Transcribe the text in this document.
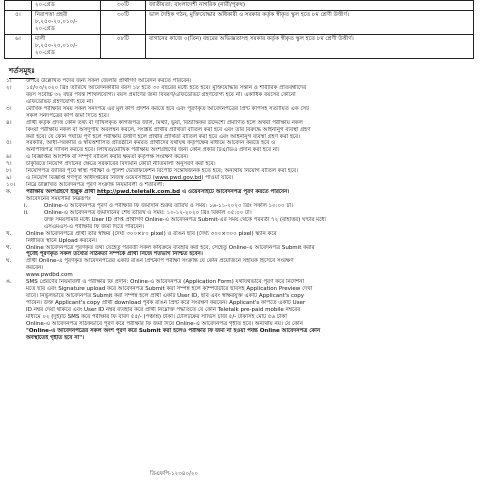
	২০-গ্রেড	৩০টি	জাতীয়তা: বাংলাদেশী নাগরিক (নারী/পুরুষ)
৫।	নিরাপত্তা প্রহরী
৮,২৫০-২০,০১০/-
২০-গ্রেড	৩০টি	ভাল দৈহিক গঠন, মুক্তিযোদ্ধার অধিকারী ও সরকার কর্তৃক স্বীকৃত স্কুল হতে ৮ম শ্রেণী উত্তীর্ণ।
৬।	মালী
৮,২৫০-২০,০১০/-
২০-গ্রেড	০৮টি	বাগানের কাজে ০(তিন) বছরের অভিজ্ঞতাসহ সরকার কর্তৃক স্বীকৃত স্কুল হতে ৮ম শ্রেণী উত্তীর্ণ।
শর্তসমূহঃ
১।	উপরে উল্লেখিত পদের জন্য সকল জেলার প্রার্থীগণ আবেদন করতে পারবেন।
২।	১৫/০৩/২০২০ খ্রিঃ তারিখে আবেদনকারীর বয়স ১৮ হতে ৩০ বছরের মধ্যে হতে হবে। মুক্তিযোদ্ধার সন্তান ও শারীরিক প্রতিবন্ধীদের
বয়স সর্বোচ্চ ৩২ বছর পর্যন্ত শিথিলযোগ্য। বয়স প্রমাণের জন্য বিবরণ/এফিডেভিট গ্রহণযোগ্য হবে না। একাধিক বয়সের কোনো
এফিডেভিট গ্রহণযোগ্য হবে না।
৩।	মৌখিক পরীক্ষার সময় সকল সনদপত্র এর মূল কপি প্রদর্শন করতে হবে এবং পূরণকৃত আবেদনপত্রের প্রিন্ট কপিসহ সত্যায়িত এক সেট
সকল সনদপত্রের কপি জমা দিতে হবে।
৪।	প্রার্থী কর্তৃক প্রদত্ত কোন তথ্য বা দাখিলকৃত কাগজপত্র জাল, মিথ্যা, ভুয়া, বিভ্রান্তিকর উদ্দেশ্যে প্রমাণিত হলে অথবা পরীক্ষায় নকল
কিংবা পরীক্ষায় নকল বা অসদুপায় অবলম্বন করলে, সংশ্লিষ্ট প্রার্থীর প্রার্থিতা বাতিল করা হবে এবং তার বিরুদ্ধে আইনানুগ ব্যবস্থা গ্রহণ
করা হবে। যে কোন পর্যায়ে পূর্ণ হলে পরীক্ষায় উত্তীর্ণ হলে প্রার্থীর প্রার্থিতা বাতিল করা হবে এবং আইনানুগ ব্যবস্থা গ্রহণ করা হবে।
৫।	সরকারি, আধা-সরকারি ও স্বায়ত্তশাসিত প্রতিষ্ঠানে কর্মরত প্রার্থীদের যথাযথ কর্তৃপক্ষের মাধ্যমে আবেদন করতে হবে ও
অনাপত্তিপত্র দাখিল করতে হবে। লিখিত/মৌখিক পরীক্ষায় অংশগ্রহণের জন্য কোন প্রকার টিএ/ডিএ প্রদান করা হবে না।
৬।	এ বিজ্ঞপ্তির আংশিক বা সম্পূর্ণ বাতিল করার ক্ষমতা কর্তৃপক্ষ সংরক্ষণ করেন।
৭।	চাকুরিতে নিয়োগ প্রদানের ক্ষেত্রে সরকারের বিদ্যমান কোটা নীতিমালা অনুসরণ করা হবে।
৮।	নিয়োগপত্র জারির পূর্বে স্বাস্থ্য পরীক্ষা ও পুলিশ ভেরিফিকেশন রিপোর্ট সন্তোষজনক হতে হবে; অন্যথায় নিয়োগ বাতিল করা হবে।
৯।	এ নিয়োগ বিজ্ঞপ্তি গণপূর্ত অধিদপ্তরের নিজস্ব ওয়েবসাইটে (www.pwd.gov.bd) পাওয়া যাবে।
১০।	নিম্নে উল্লিখিত আবেদনপত্র পূরণ সংক্রান্ত নিয়মাবলী ও শর্তাবলী:
ক.	পরীক্ষায় অংশগ্রহণে ইচ্ছুক প্রার্থী http://pwd.teletalk.com.bd এ ওয়েবসাইটে আবেদনপত্র পূরণ করতে পারবেন।
আবেদনের সময়সীমা নিম্নরূপঃ
i.	Online-এ আবেদনপত্র পূরণ ও পরীক্ষার ফি জমাদান শুরুর তারিখ ও সময়: ১৬-১১-২০২০ খ্রিঃ সকাল ১০:০০ টা।
ii.	Online-এ আবেদনপত্র জমাদানের শেষ তারিখ ও সময়: ১০-১২-২০২০ খ্রিঃ বিকাল ০৫:০০ টা।
উক্ত সময়সীমার মধ্যে User ID প্রাপ্ত প্রার্থীগণ Online-এ আবেদনপত্র Submit-এর সময় থেকে পরবর্তী ৭২ (বাহাত্তর) ঘন্টার মধ্যে
এসএমএস-এ পরীক্ষার ফি জমা দিতে পারবেন।
খ.	Online আবেদনপত্রে প্রার্থী তার স্বাক্ষর (দৈর্ঘ্য ৩০০×৮০ pixel) ও রঙিন ছবি (দৈর্ঘ্য ৩০০×৩০০ pixel) স্ক্যান করে
নির্ধারিত স্থানে Upload করবেন।
গ.	Online আবেদনপত্রে পূরণকৃত তথ্য যেহেতু পরবর্তী সকল কার্যক্রমে ব্যবহার করা হবে, সেহেতু Online-এ আবেদনপত্র Submit করার
পূর্বেই পূরণকৃত সকল তথ্যের সঠিকতা সম্পর্কে প্রার্থী নিজে শতভাগ নিশ্চিত হবেন।
ঘ.	প্রার্থী Online-এ পূরণকৃত আবেদনপত্রের একটি রঙিন প্রিন্টকপি পরীক্ষা সংক্রান্ত যে কোন প্রয়োজনে সহায়ক হিসেবে সংরক্ষণ
করবেন।
www.pwdbd.com
ঙ.	SMS প্রেরণের নিয়মাবলী ও পরীক্ষার ফি প্রদান: Online-এ আবেদনপত্র (Application Form) যথাযথভাবে পূরণ করে নির্দেশনা
মতে ছবি এবং Signature upload করে আবেদনপত্র Submit করা সম্পন্ন হলে কম্পিউটারে ছবিসহ Application Preview দেখা
যাবে। নির্ভুলভাবে আবেদনপত্র Submit করা সম্পন্ন হলে প্রার্থী একটি User ID, ছবি এবং স্বাক্ষরযুক্ত একটি Applicant's copy
পাবেন। উক্ত Applicant's copy প্রার্থী download পূর্বক রঙিন প্রিন্ট করে সংরক্ষণ করবেন। Applicant's কপিতে একটি User
ID নম্বর দেয়া থাকবে এবং User ID নম্বর ব্যবহার করে প্রার্থী নিম্নোক্ত পদ্ধতিতে যে কোন Teletalk pre-paid mobile নম্বরের
মাধ্যমে ০২ (দুই)টি SMS করে পরীক্ষার ফি বাবদ ৫৫/- (পঞ্চান্ন) টাকা। টেলিটকের সার্ভিস চার্জ ৫/- টাকাসহ মোট ৫৬ টাকা
Online-এ আবেদনপত্র সঠিকভাবে পূরণ করে পরীক্ষার ফি জমা দিয়ে Online-এ আবেদনপত্র গৃহীত হবে। অন্যথায় নয়। যে কোন
"Online-এ আবেদনপত্রের সকল অংশ পূরণ করে Submit করা হলেও পরীক্ষার ফি জমা না হওয়া পর্যন্ত Online আবেদনপত্র কোন
অবস্থাতেই গৃহীত হবে না"।
ডিএফপি-১২৩৪০/২০
